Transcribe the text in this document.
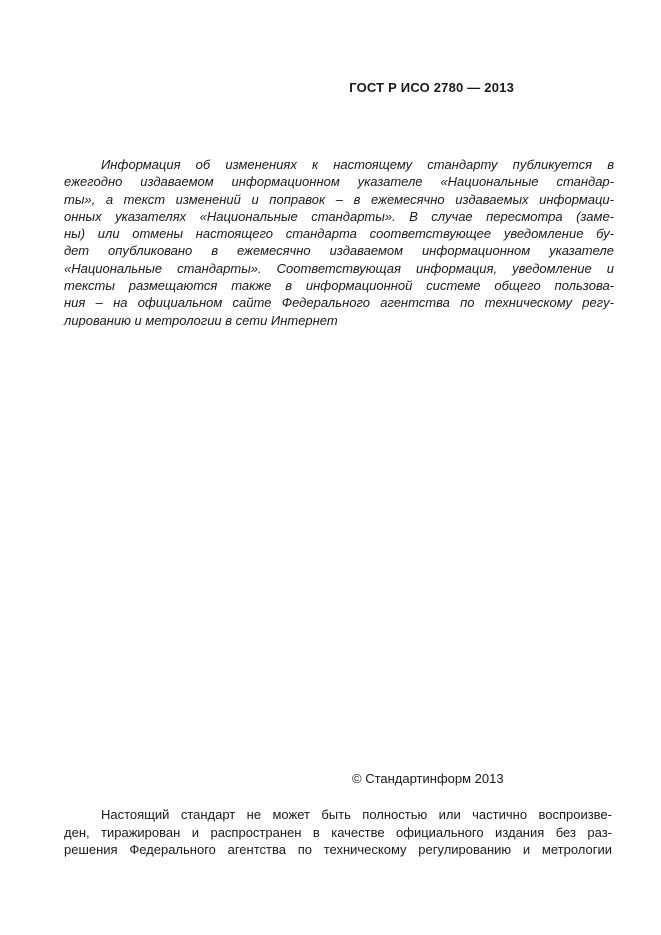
ГОСТ Р ИСО 2780 — 2013
Информация об изменениях к настоящему стандарту публикуется в
ежегодно издаваемом информационном указателе «Национальные стандар-
ты», а текст изменений и поправок – в ежемесячно издаваемых информаци-
онных указателях «Национальные стандарты». В случае пересмотра (заме-
ны) или отмены настоящего стандарта соответствующее уведомление бу-
дет опубликовано в ежемесячно издаваемом информационном указателе
«Национальные стандарты». Соответствующая информация, уведомление и
тексты размещаются также в информационной системе общего пользова-
ния – на официальном сайте Федерального агентства по техническому регу-
лированию и метрологии в сети Интернет
© Стандартинформ 2013
Настоящий стандарт не может быть полностью или частично воспроизве-
ден, тиражирован и распространен в качестве официального издания без раз-
решения Федерального агентства по техническому регулированию и метрологии
